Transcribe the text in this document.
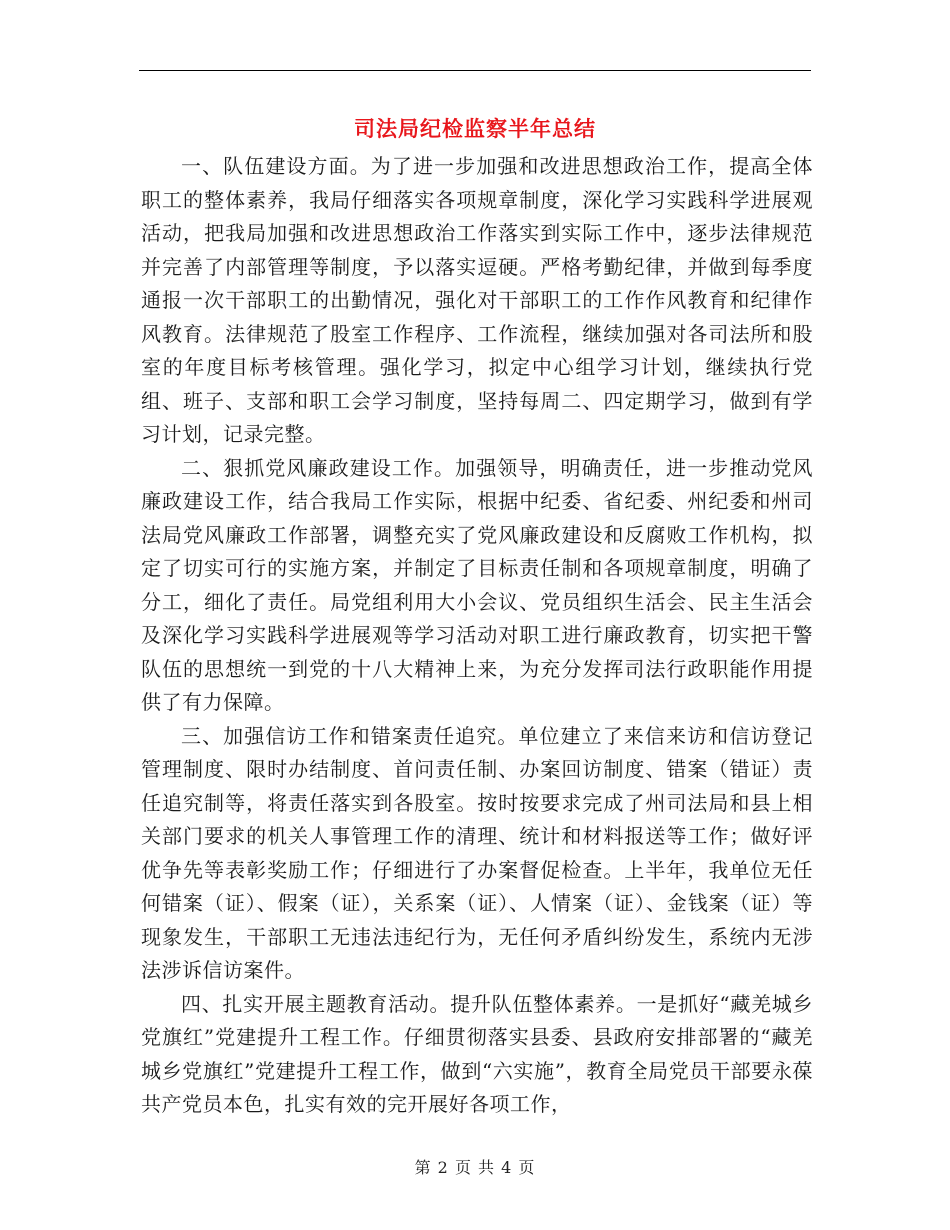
司法局纪检监察半年总结

一、队伍建设方面。为了进一步加强和改进思想政治工作，提高全体职工的整体素养，我局仔细落实各项规章制度，深化学习实践科学进展观活动，把我局加强和改进思想政治工作落实到实际工作中，逐步法律规范并完善了内部管理等制度，予以落实逗硬。严格考勤纪律，并做到每季度通报一次干部职工的出勤情况，强化对干部职工的工作作风教育和纪律作风教育。法律规范了股室工作程序、工作流程，继续加强对各司法所和股室的年度目标考核管理。强化学习，拟定中心组学习计划，继续执行党组、班子、支部和职工会学习制度，坚持每周二、四定期学习，做到有学习计划，记录完整。

二、狠抓党风廉政建设工作。加强领导，明确责任，进一步推动党风廉政建设工作，结合我局工作实际，根据中纪委、省纪委、州纪委和州司法局党风廉政工作部署，调整充实了党风廉政建设和反腐败工作机构，拟定了切实可行的实施方案，并制定了目标责任制和各项规章制度，明确了分工，细化了责任。局党组利用大小会议、党员组织生活会、民主生活会及深化学习实践科学进展观等学习活动对职工进行廉政教育，切实把干警队伍的思想统一到党的十八大精神上来，为充分发挥司法行政职能作用提供了有力保障。

三、加强信访工作和错案责任追究。单位建立了来信来访和信访登记管理制度、限时办结制度、首问责任制、办案回访制度、错案（错证）责任追究制等，将责任落实到各股室。按时按要求完成了州司法局和县上相关部门要求的机关人事管理工作的清理、统计和材料报送等工作；做好评优争先等表彰奖励工作；仔细进行了办案督促检查。上半年，我单位无任何错案（证）、假案（证），关系案（证）、人情案（证）、金钱案（证）等现象发生，干部职工无违法违纪行为，无任何矛盾纠纷发生，系统内无涉法涉诉信访案件。

四、扎实开展主题教育活动。提升队伍整体素养。一是抓好“藏羌城乡党旗红”党建提升工程工作。仔细贯彻落实县委、县政府安排部署的“藏羌城乡党旗红”党建提升工程工作，做到“六实施”，教育全局党员干部要永葆共产党员本色，扎实有效的完开展好各项工作，

第 2 页 共 4 页
